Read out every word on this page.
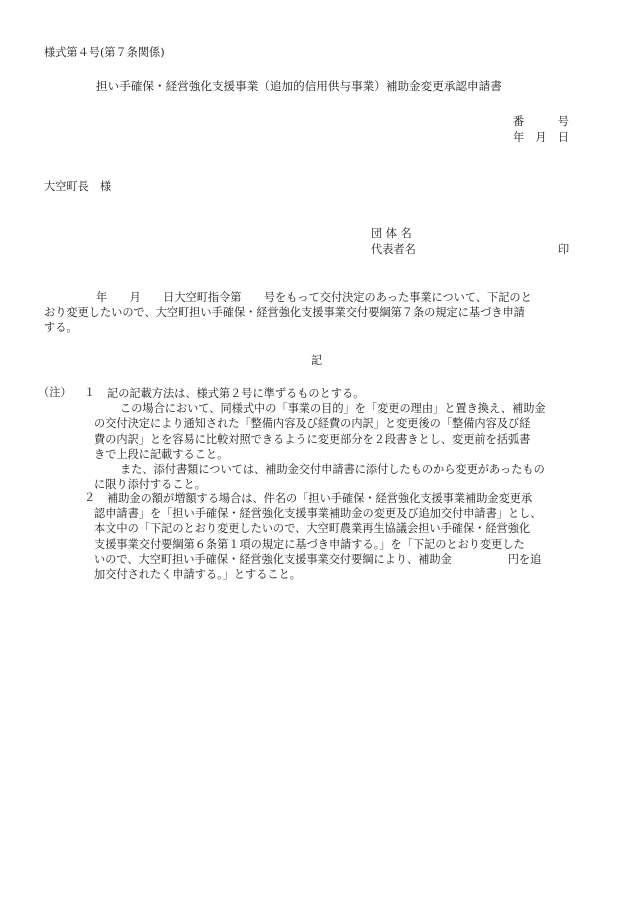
様式第４号(第７条関係)
担い手確保・経営強化支援事業（追加的信用供与事業）補助金変更承認申請書
番　　　号
年　月　日
大空町長　様
団 体 名
代表者名	印
年　　月　　日大空町指令第　　号をもって交付決定のあった事業について、下記のと
おり変更したいので、大空町担い手確保・経営強化支援事業交付要綱第７条の規定に基づき申請
する。
記
（注） １ 記の記載方法は、様式第２号に準ずるものとする。
この場合において、同様式中の「事業の目的」を「変更の理由」と置き換え、補助金
の交付決定により通知された「整備内容及び経費の内訳」と変更後の「整備内容及び経
費の内訳」とを容易に比較対照できるように変更部分を２段書きとし、変更前を括弧書
きで上段に記載すること。
また、添付書類については、補助金交付申請書に添付したものから変更があったもの
に限り添付すること。
２ 補助金の額が増額する場合は、件名の「担い手確保・経営強化支援事業補助金変更承
認申請書」を「担い手確保・経営強化支援事業補助金の変更及び追加交付申請書」とし、
本文中の「下記のとおり変更したいので、大空町農業再生協議会担い手確保・経営強化
支援事業交付要綱第６条第１項の規定に基づき申請する。」を「下記のとおり変更した
いので、大空町担い手確保・経営強化支援事業交付要綱により、補助金　　　　　円を追
加交付されたく申請する。」とすること。
